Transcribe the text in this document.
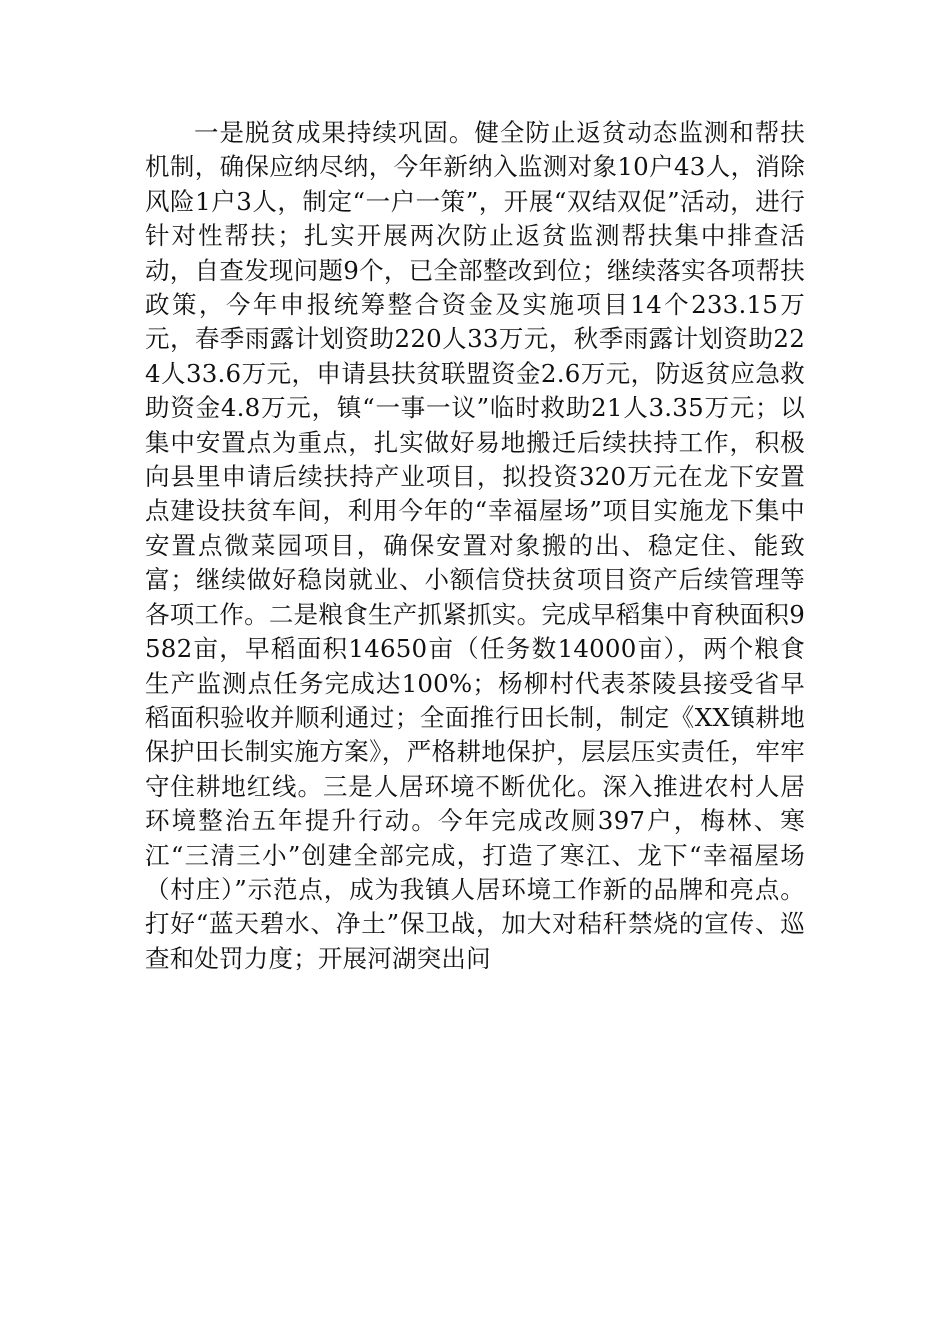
一是脱贫成果持续巩固。健全防止返贫动态监测和帮扶机制，确保应纳尽纳，今年新纳入监测对象10户43人，消除风险1户3人，制定“一户一策”，开展“双结双促”活动，进行针对性帮扶；扎实开展两次防止返贫监测帮扶集中排查活动，自查发现问题9个，已全部整改到位；继续落实各项帮扶政策，今年申报统筹整合资金及实施项目14个233.15万元，春季雨露计划资助220人33万元，秋季雨露计划资助224人33.6万元，申请县扶贫联盟资金2.6万元，防返贫应急救助资金4.8万元，镇“一事一议”临时救助21人3.35万元；以集中安置点为重点，扎实做好易地搬迁后续扶持工作，积极向县里申请后续扶持产业项目，拟投资320万元在龙下安置点建设扶贫车间，利用今年的“幸福屋场”项目实施龙下集中安置点微菜园项目，确保安置对象搬的出、稳定住、能致富；继续做好稳岗就业、小额信贷扶贫项目资产后续管理等各项工作。二是粮食生产抓紧抓实。完成早稻集中育秧面积9582亩，早稻面积14650亩（任务数14000亩），两个粮食生产监测点任务完成达100%；杨柳村代表茶陵县接受省早稻面积验收并顺利通过；全面推行田长制，制定《XX镇耕地保护田长制实施方案》，严格耕地保护，层层压实责任，牢牢守住耕地红线。三是人居环境不断优化。深入推进农村人居环境整治五年提升行动。今年完成改厕397户，梅林、寒江“三清三小”创建全部完成，打造了寒江、龙下“幸福屋场（村庄）”示范点，成为我镇人居环境工作新的品牌和亮点。打好“蓝天碧水、净土”保卫战，加大对秸秆禁烧的宣传、巡查和处罚力度；开展河湖突出问
